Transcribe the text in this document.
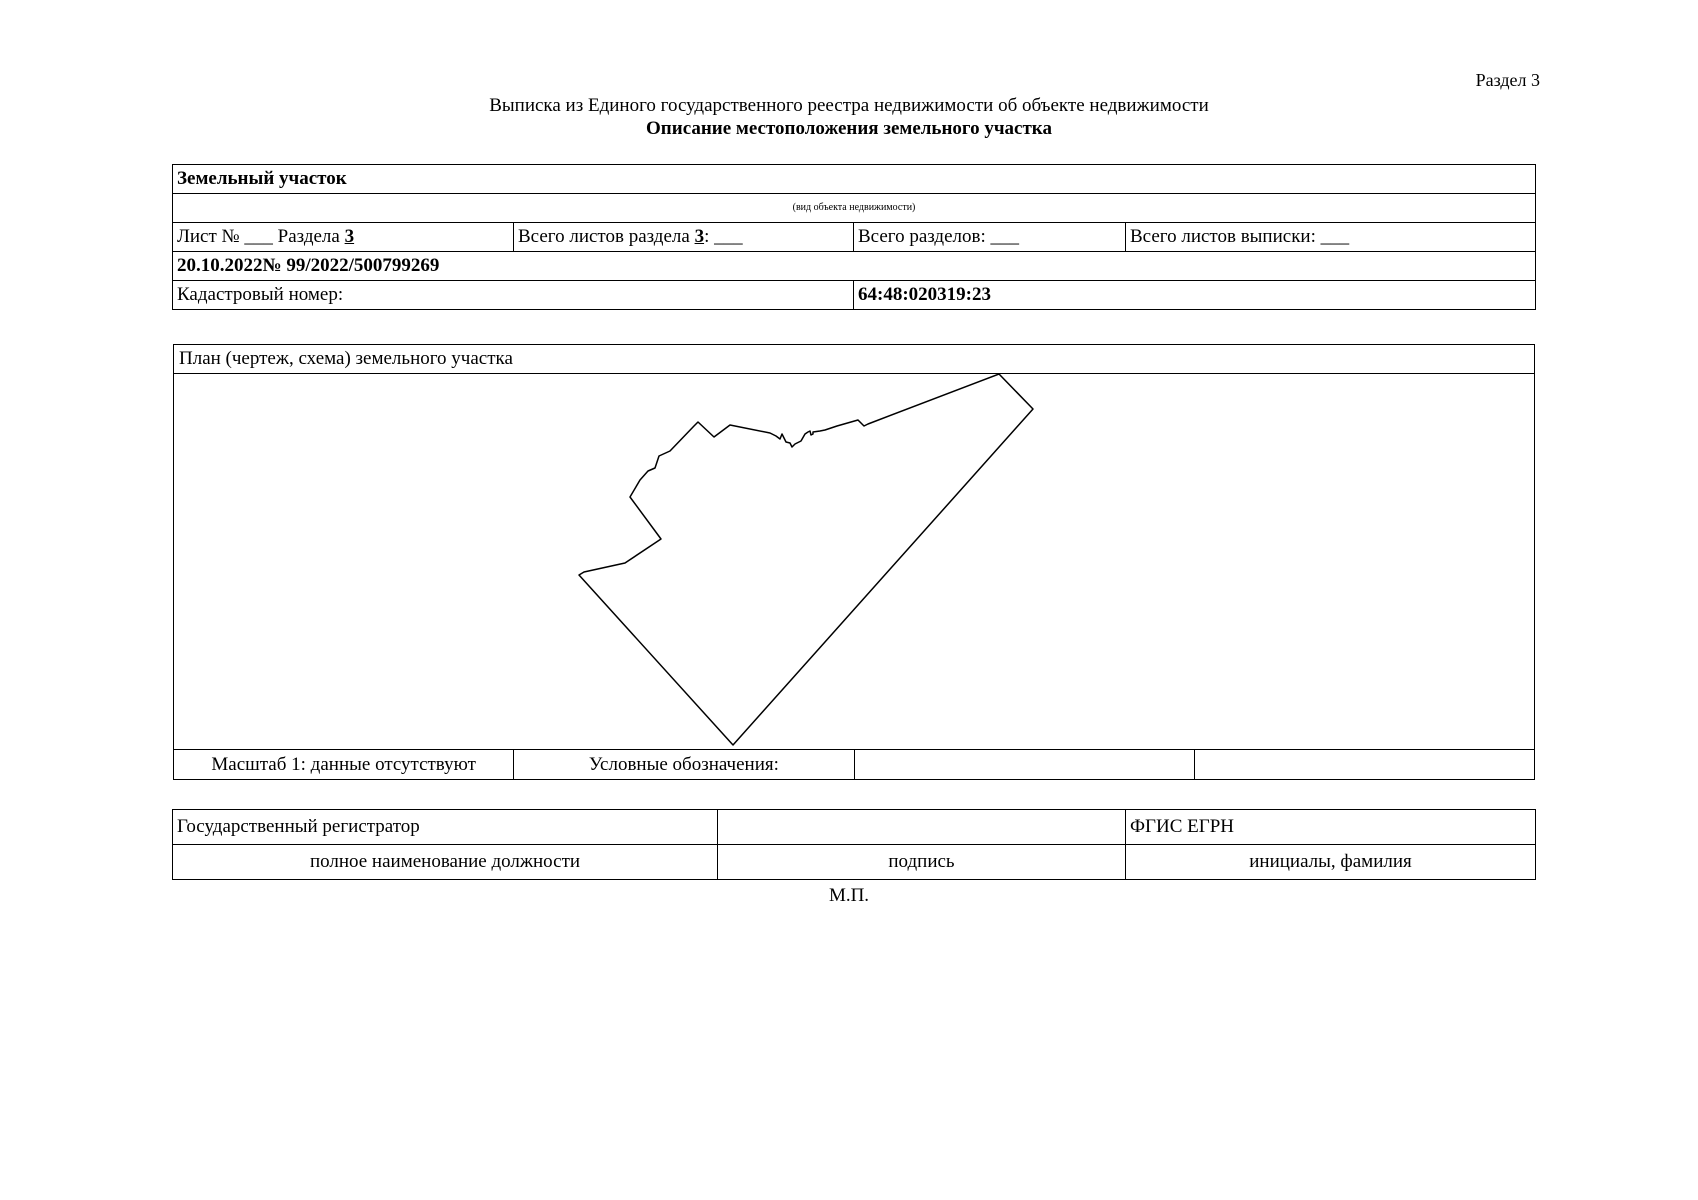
Раздел 3
Выписка из Единого государственного реестра недвижимости об объекте недвижимости
Описание местоположения земельного участка
Земельный участок			
(вид объекта недвижимости)			
Лист № ___ Раздела 3	Всего листов раздела 3: ___	Всего разделов: ___	Всего листов выписки: ___
20.10.2022№ 99/2022/500799269			
Кадастровый номер:		64:48:020319:23	
План (чертеж, схема) земельного участка
Масштаб 1: данные отсутствуют	Условные обозначения:
Государственный регистратор		ФГИС ЕГРН
полное наименование должности	подпись	инициалы, фамилия
М.П.
